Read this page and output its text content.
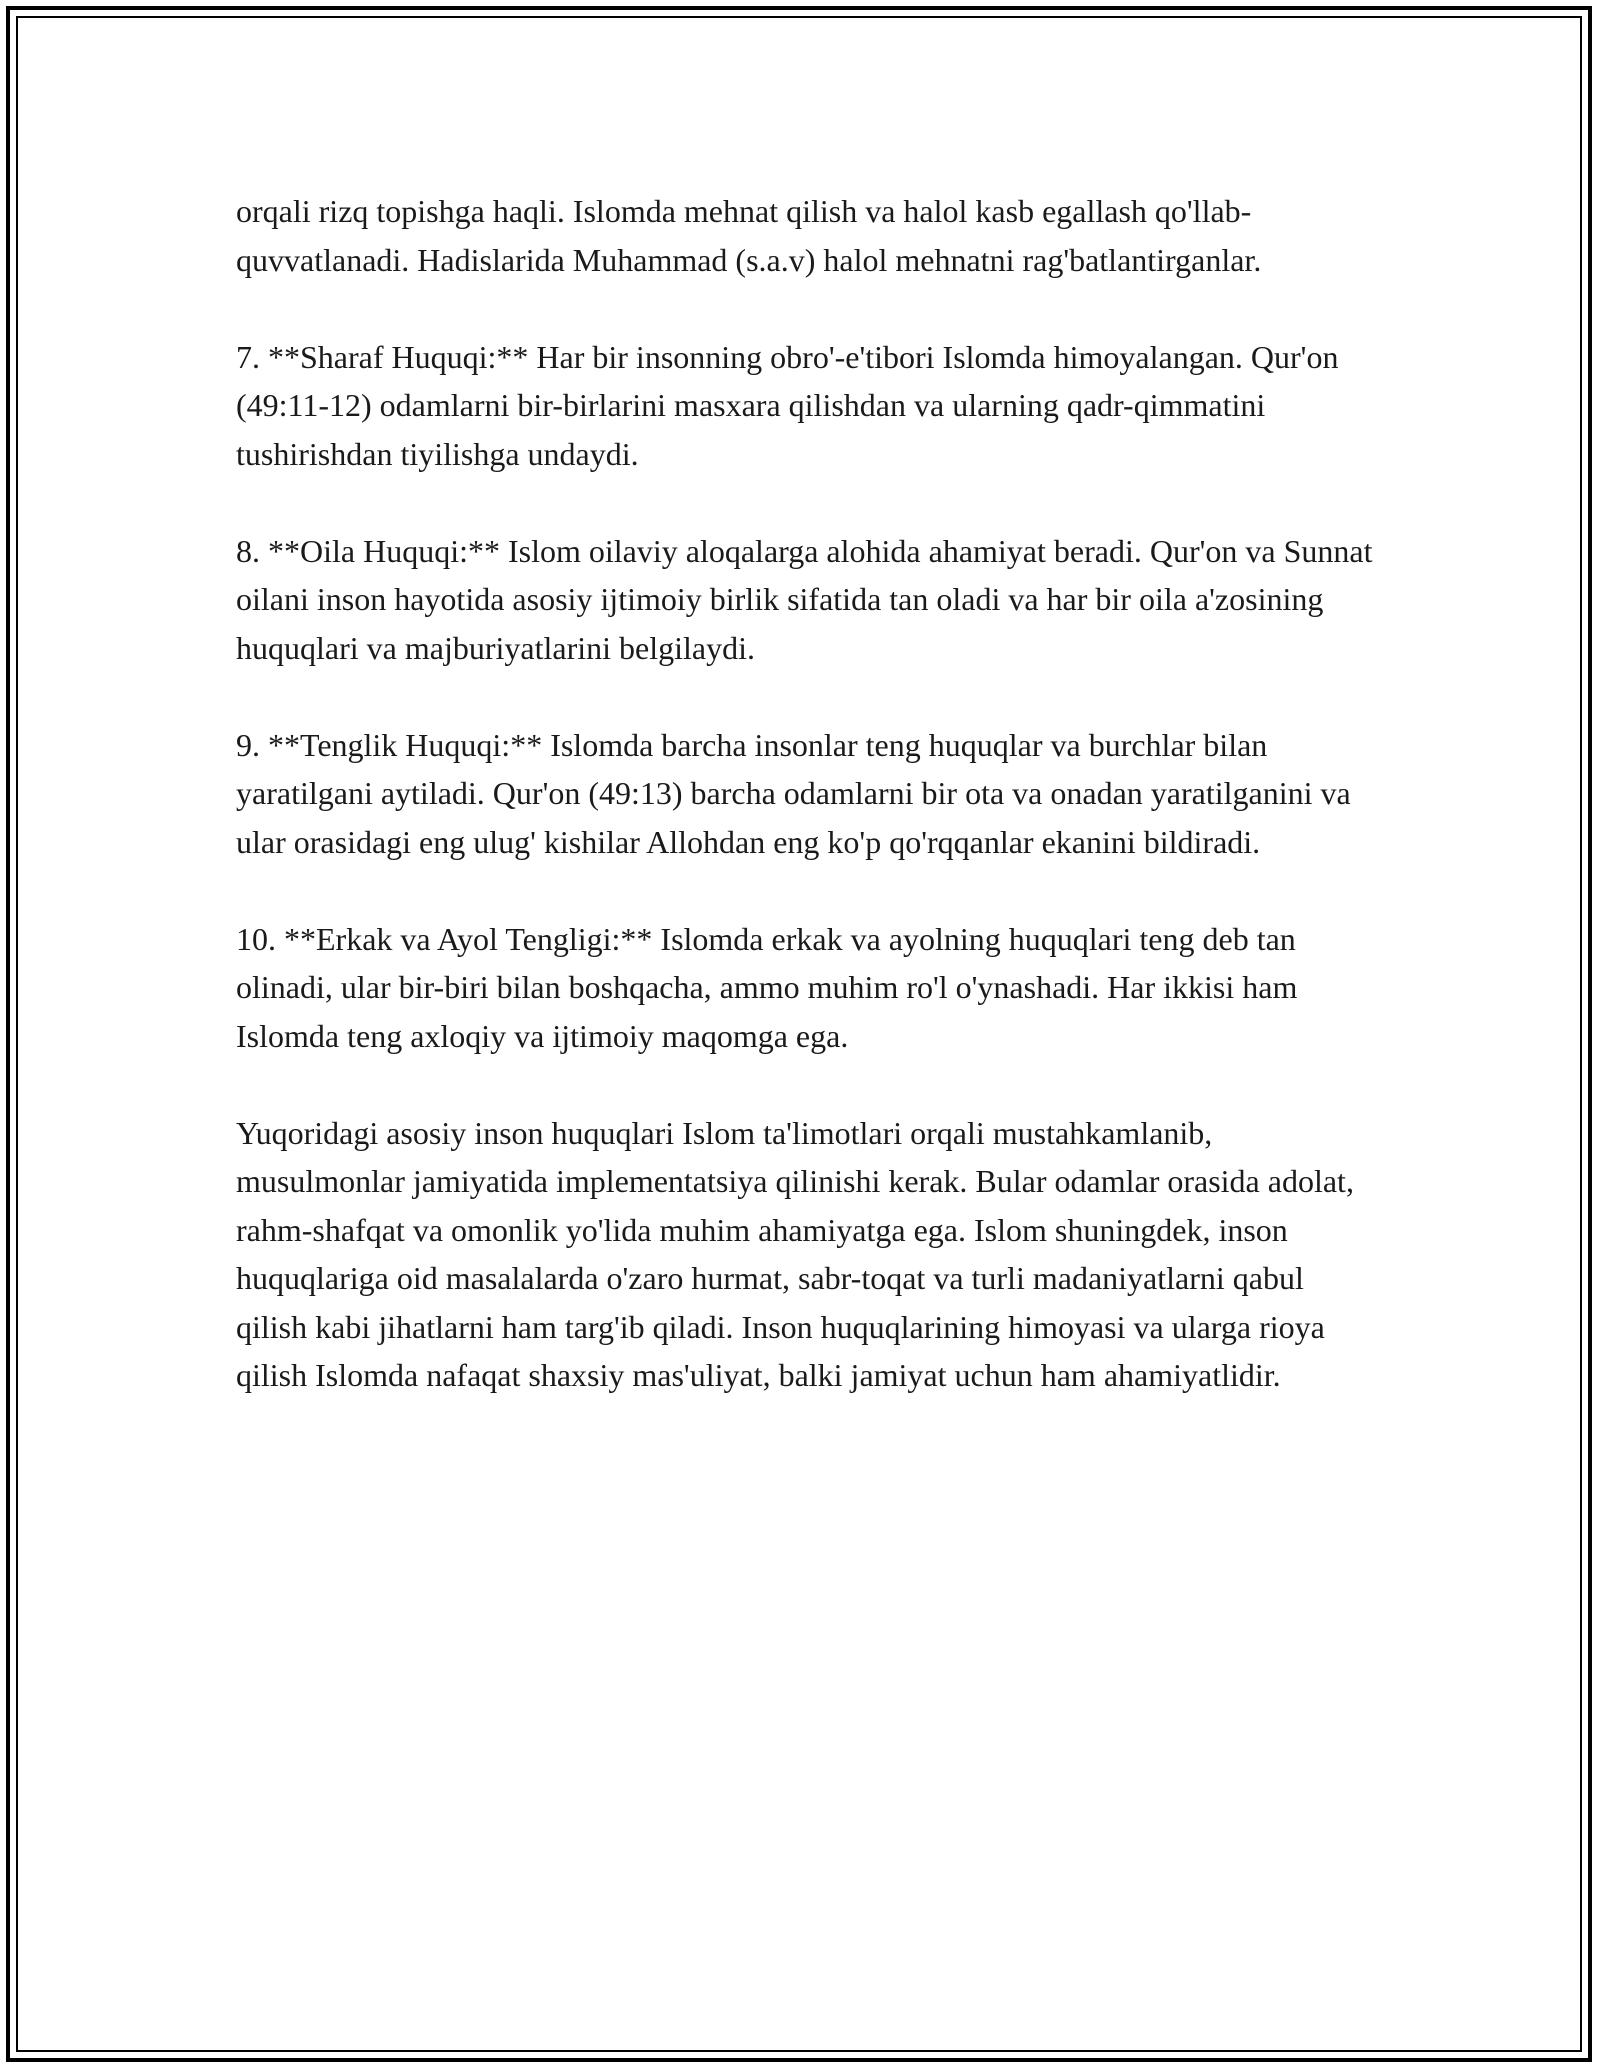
orqali rizq topishga haqli. Islomda mehnat qilish va halol kasb egallash qo'llab-quvvatlanadi. Hadislarida Muhammad (s.a.v) halol mehnatni rag'batlantirganlar.

7. **Sharaf Huquqi:** Har bir insonning obro'-e'tibori Islomda himoyalangan. Qur'on (49:11-12) odamlarni bir-birlarini masxara qilishdan va ularning qadr-qimmatini tushirishdan tiyilishga undaydi.

8. **Oila Huquqi:** Islom oilaviy aloqalarga alohida ahamiyat beradi. Qur'on va Sunnat oilani inson hayotida asosiy ijtimoiy birlik sifatida tan oladi va har bir oila a'zosining huquqlari va majburiyatlarini belgilaydi.

9. **Tenglik Huquqi:** Islomda barcha insonlar teng huquqlar va burchlar bilan yaratilgani aytiladi. Qur'on (49:13) barcha odamlarni bir ota va onadan yaratilganini va ular orasidagi eng ulug' kishilar Allohdan eng ko'p qo'rqqanlar ekanini bildiradi.

10. **Erkak va Ayol Tengligi:** Islomda erkak va ayolning huquqlari teng deb tan olinadi, ular bir-biri bilan boshqacha, ammo muhim ro'l o'ynashadi. Har ikkisi ham Islomda teng axloqiy va ijtimoiy maqomga ega.

Yuqoridagi asosiy inson huquqlari Islom ta'limotlari orqali mustahkamlanib, musulmonlar jamiyatida implementatsiya qilinishi kerak. Bular odamlar orasida adolat, rahm-shafqat va omonlik yo'lida muhim ahamiyatga ega. Islom shuningdek, inson huquqlariga oid masalalarda o'zaro hurmat, sabr-toqat va turli madaniyatlarni qabul qilish kabi jihatlarni ham targ'ib qiladi. Inson huquqlarining himoyasi va ularga rioya qilish Islomda nafaqat shaxsiy mas'uliyat, balki jamiyat uchun ham ahamiyatlidir.
